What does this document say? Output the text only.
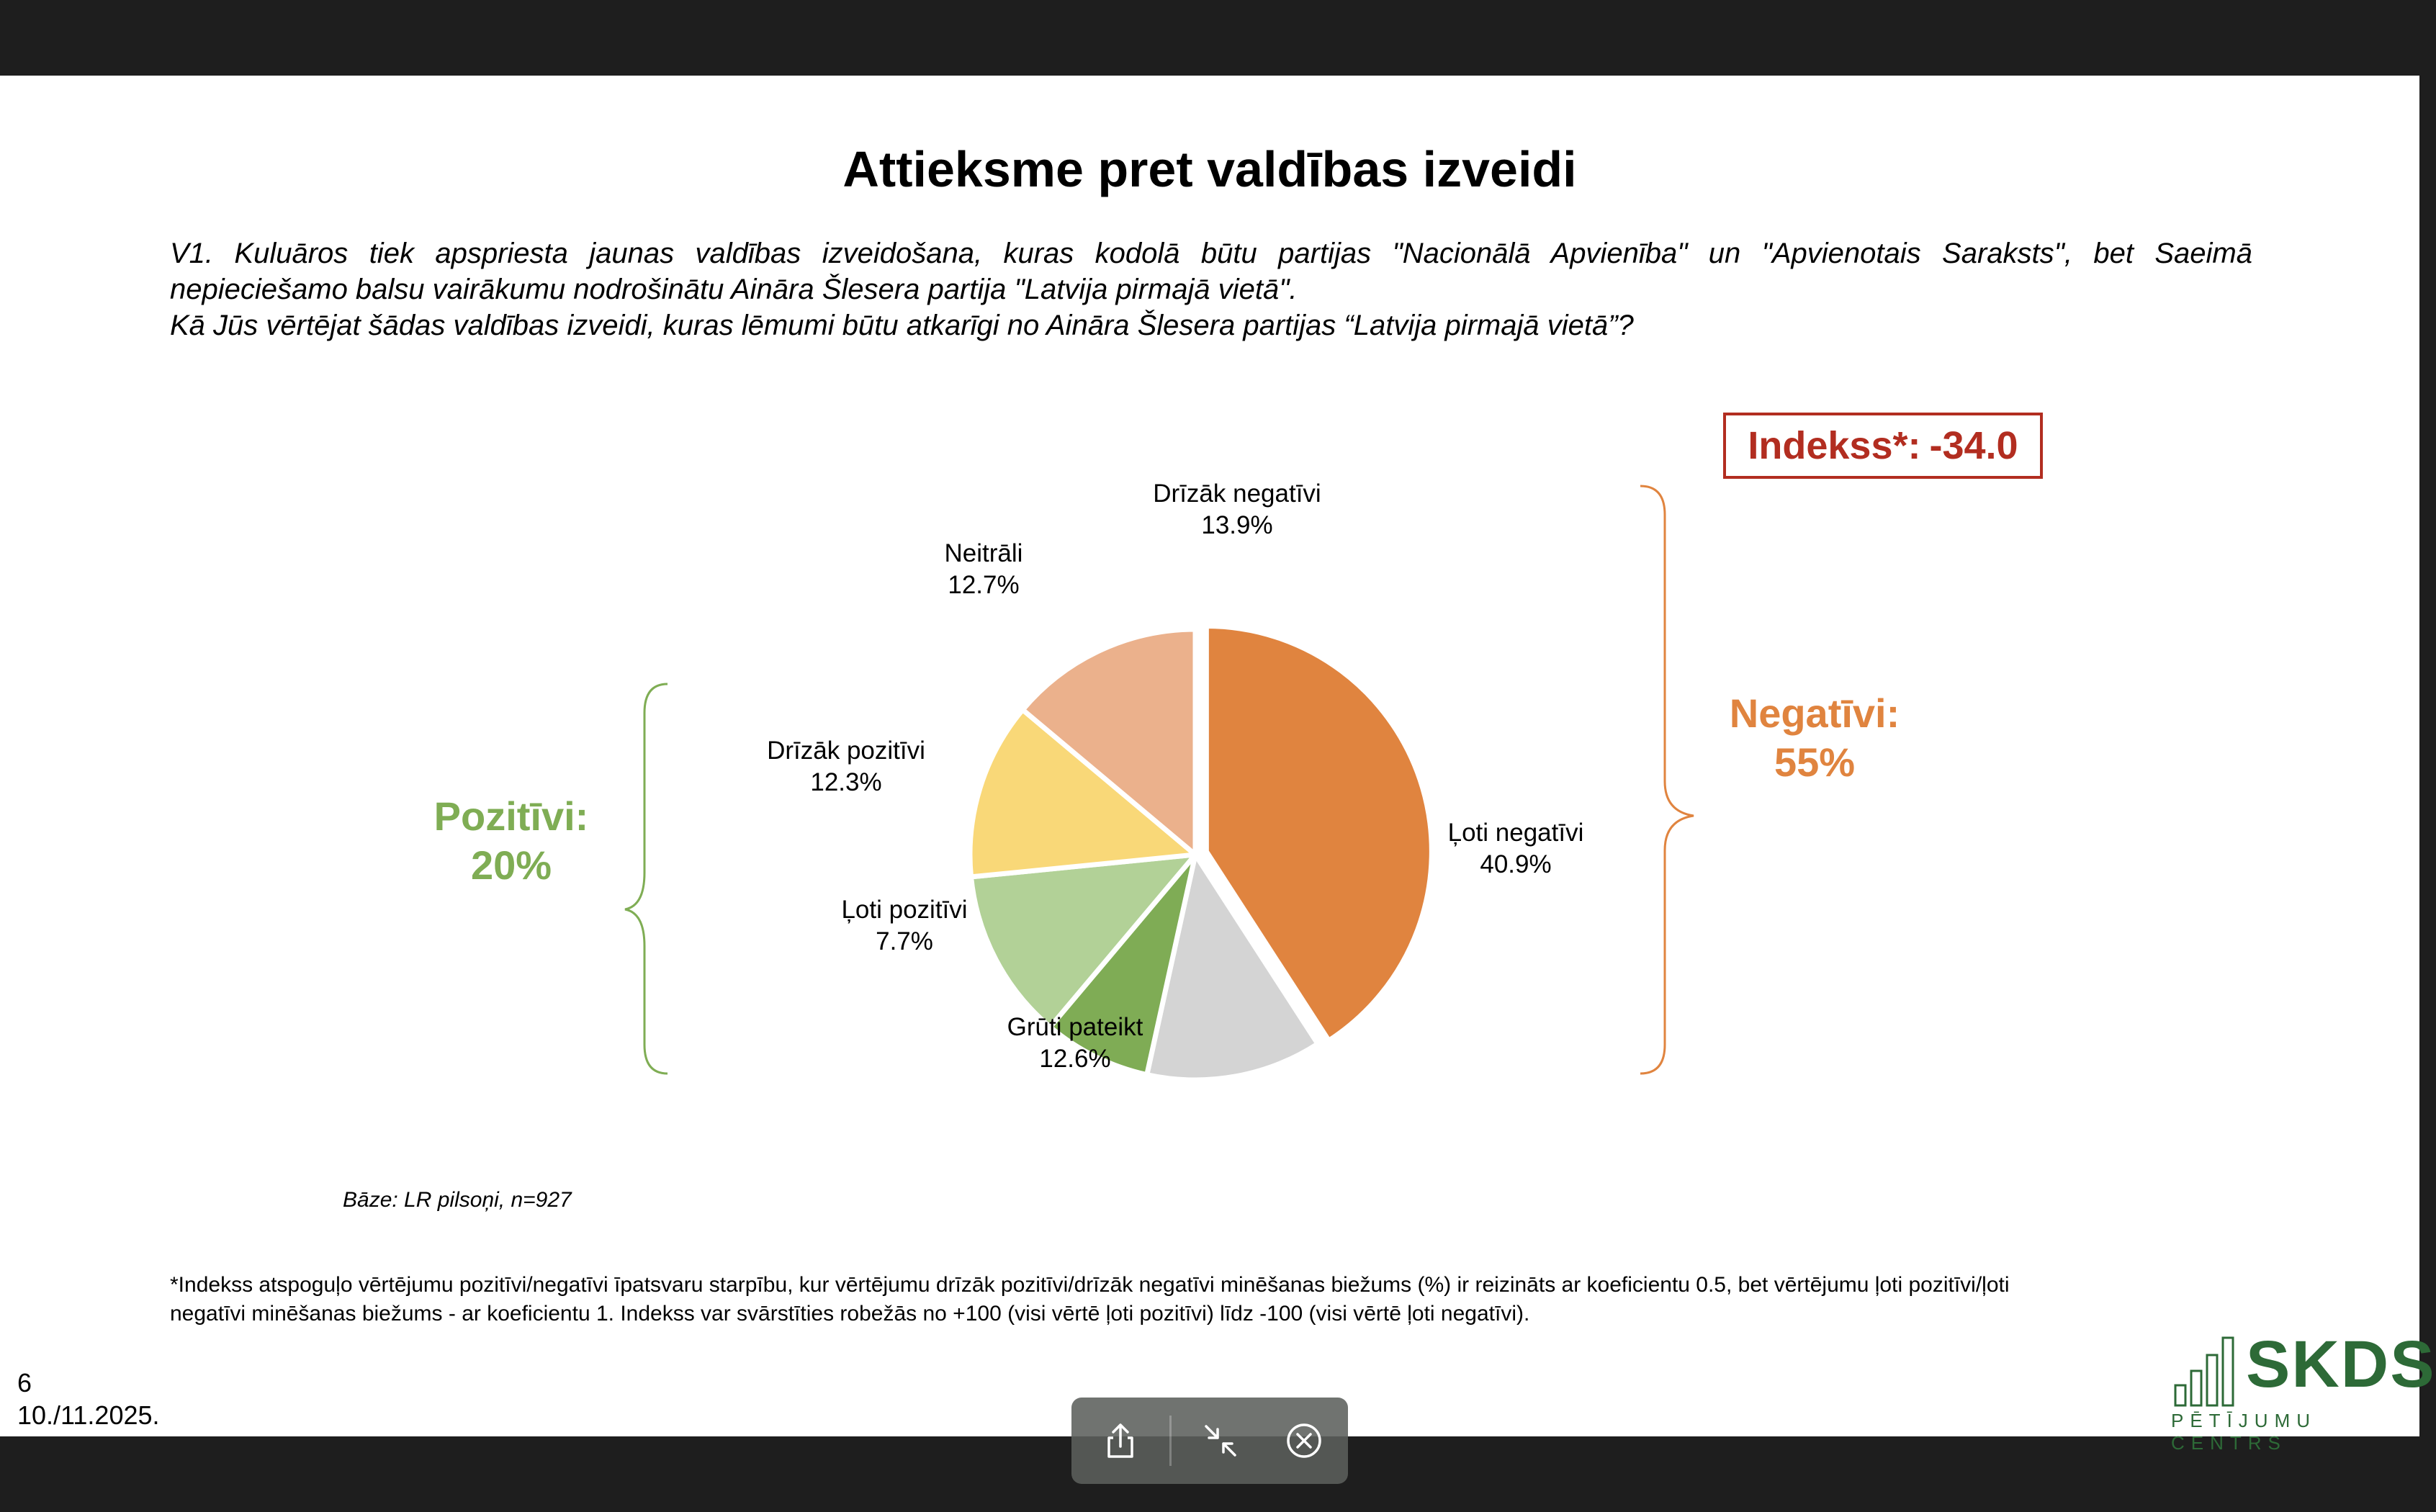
Attieksme pret valdības izveidi
V1. Kuluāros tiek apspriesta jaunas valdības izveidošana, kuras kodolā būtu partijas "Nacionālā Apvienība" un "Apvienotais Saraksts", bet Saeimā
nepieciešamo balsu vairākumu nodrošinātu Aināra Šlesera partija "Latvija pirmajā vietā".
Kā Jūs vērtējat šādas valdības izveidi, kuras lēmumi būtu atkarīgi no Aināra Šlesera partijas “Latvija pirmajā vietā”?
Indekss*: -34.0
Pozitīvi:
20%
Negatīvi:
55%
Ļoti negatīvi 40.9%
Grūti pateikt 12.6%
Ļoti pozitīvi 7.7%
Drīzāk pozitīvi 12.3%
Neitrāli 12.7%
Drīzāk negatīvi 13.9%
Bāze: LR pilsoņi, n=927
*Indekss atspoguļo vērtējumu pozitīvi/negatīvi īpatsvaru starpību, kur vērtējumu drīzāk pozitīvi/drīzāk negatīvi minēšanas biežums (%) ir reizināts ar koeficientu 0.5, bet vērtējumu ļoti pozitīvi/ļoti
negatīvi minēšanas biežums - ar koeficientu 1. Indekss var svārstīties robežās no +100 (visi vērtē ļoti pozitīvi) līdz -100 (visi vērtē ļoti negatīvi).
6
10./11.2025.
SKDS
PĒTĪJUMU CENTRS
